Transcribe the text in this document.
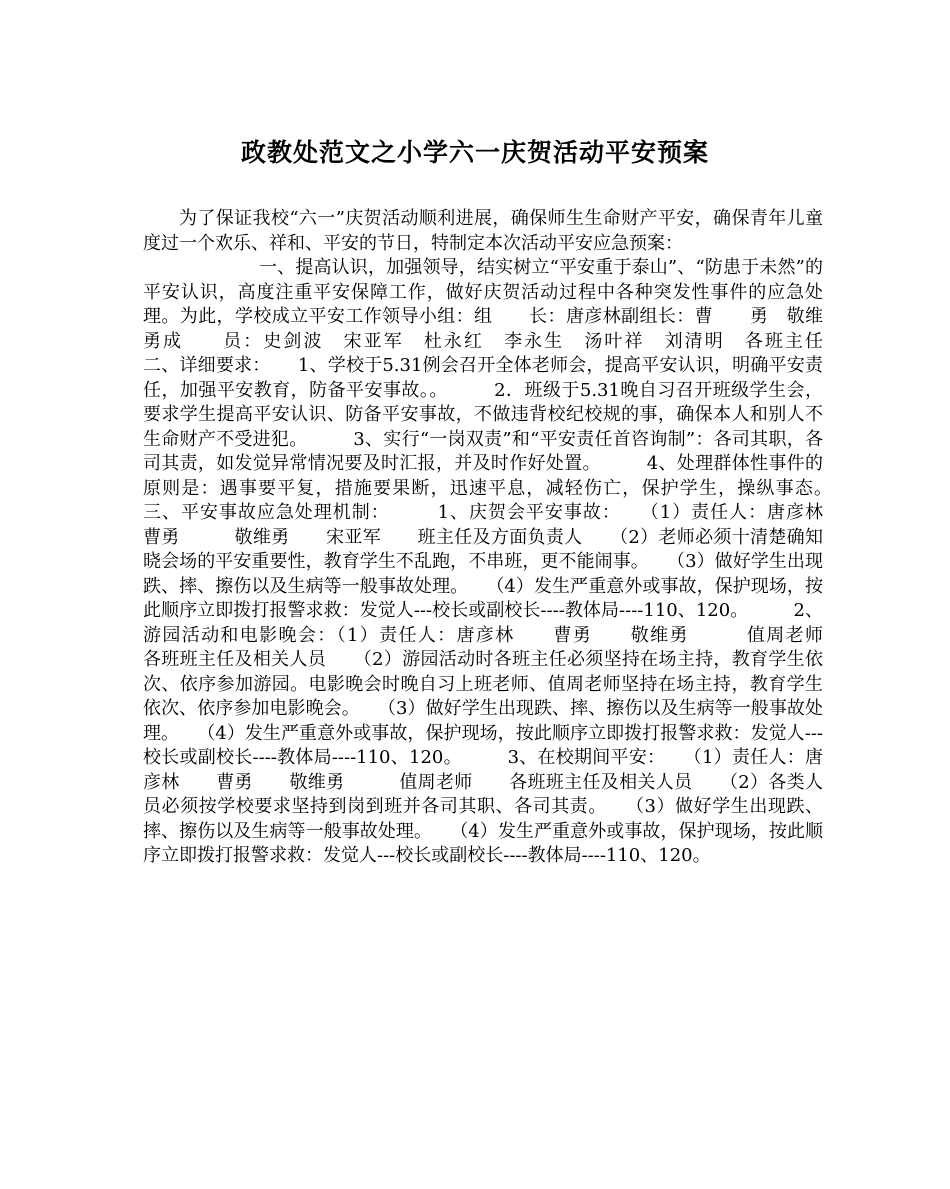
政教处范文之小学六一庆贺活动平安预案

为了保证我校“六一”庆贺活动顺利进展，确保师生生命财产平安，确保青年儿童度过一个欢乐、祥和、平安的节日，特制定本次活动平安应急预案：

一、提高认识，加强领导，结实树立“平安重于泰山”、“防患于未然”的平安认识，高度注重平安保障工作，做好庆贺活动过程中各种突发性事件的应急处理。为此，学校成立平安工作领导小组：组　　长：唐彦林副组长：曹　　勇　敬维勇成　　员：史剑波　宋亚军　杜永红　李永生　汤叶祥　刘清明　各班主任　　　　二、详细要求：　　1、学校于5.31例会召开全体老师会，提高平安认识，明确平安责任，加强平安教育，防备平安事故。。　　　2．班级于5.31晚自习召开班级学生会，要求学生提高平安认识、防备平安事故，不做违背校纪校规的事，确保本人和别人不生命财产不受进犯。　　　3、实行“一岗双责”和“平安责任首咨询制”：各司其职，各司其责，如发觉异常情况要及时汇报，并及时作好处置。　　　4、处理群体性事件的原则是：遇事要平复，措施要果断，迅速平息，减轻伤亡，保护学生，操纵事态。　　　三、平安事故应急处理机制：　　　1、庆贺会平安事故：　　（1）责任人：唐彦林　　曹勇　　　敬维勇　　宋亚军　　班主任及方面负责人　　（2）老师必须十清楚确知晓会场的平安重要性，教育学生不乱跑，不串班，更不能闹事。　　（3）做好学生出现跌、摔、擦伤以及生病等一般事故处理。　　（4）发生严重意外或事故，保护现场，按此顺序立即拨打报警求救：发觉人---校长或副校长----教体局----110、120。　　　2、游园活动和电影晚会：（1）责任人：唐彦林　　曹勇　　敬维勇　　　值周老师　　各班班主任及相关人员　　（2）游园活动时各班主任必须坚持在场主持，教育学生依次、依序参加游园。电影晚会时晚自习上班老师、值周老师坚持在场主持，教育学生依次、依序参加电影晚会。　　（3）做好学生出现跌、摔、擦伤以及生病等一般事故处理。　　（4）发生严重意外或事故，保护现场，按此顺序立即拨打报警求救：发觉人---校长或副校长----教体局----110、120。　　　3、在校期间平安：　　（1）责任人：唐彦林　　曹勇　　敬维勇　　　值周老师　　各班班主任及相关人员　　（2）各类人员必须按学校要求坚持到岗到班并各司其职、各司其责。　　（3）做好学生出现跌、摔、擦伤以及生病等一般事故处理。　　（4）发生严重意外或事故，保护现场，按此顺序立即拨打报警求救：发觉人---校长或副校长----教体局----110、120。
